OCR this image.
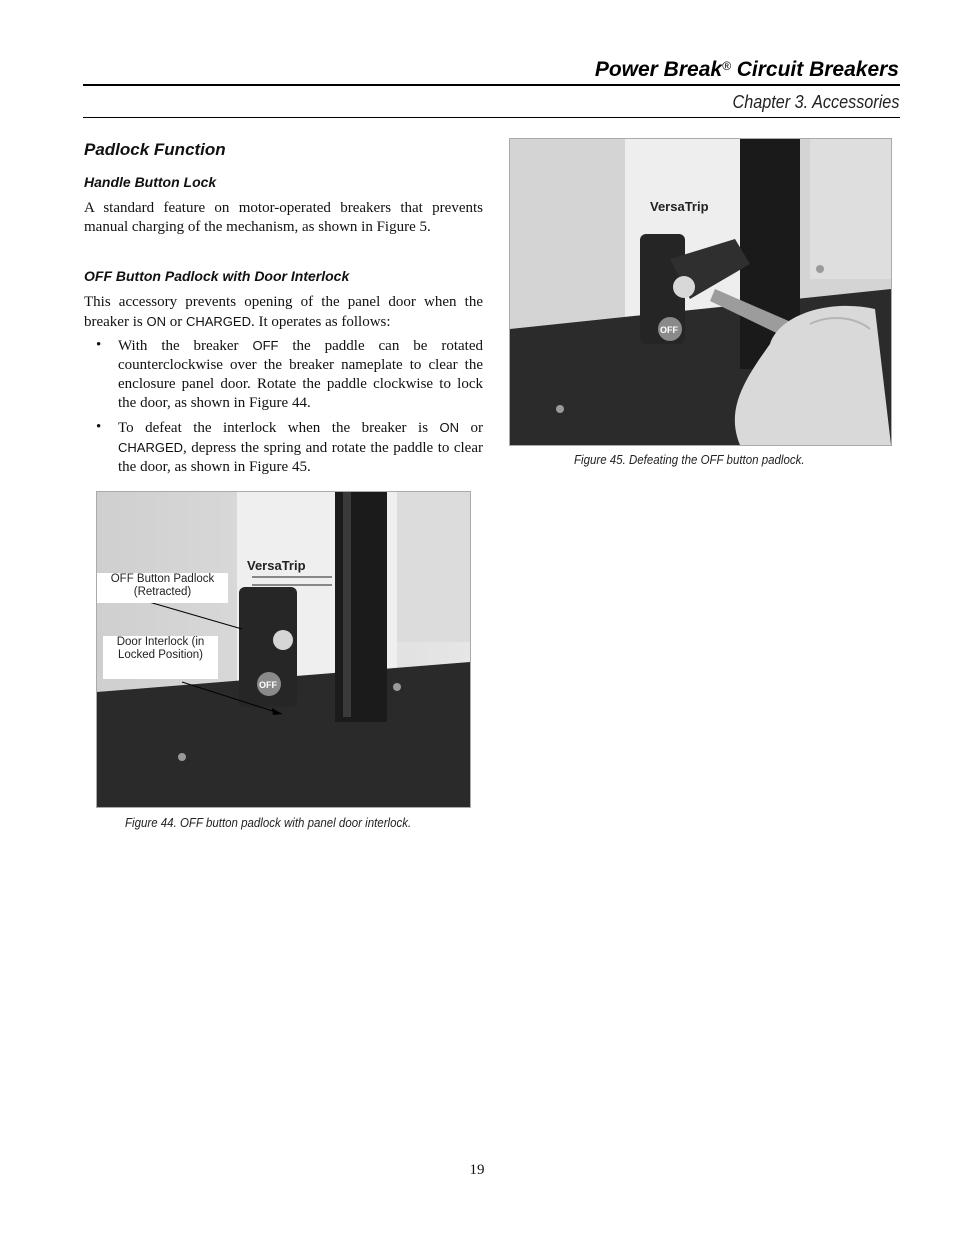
Power Break® Circuit Breakers
Chapter 3. Accessories
Padlock Function
Handle Button Lock
A standard feature on motor-operated breakers that prevents manual charging of the mechanism, as shown in Figure 5.
OFF Button Padlock with Door Interlock
This accessory prevents opening of the panel door when the breaker is ON or CHARGED. It operates as follows:
• With the breaker OFF the paddle can be rotated counterclockwise over the breaker nameplate to clear the enclosure panel door. Rotate the paddle clockwise to lock the door, as shown in Figure 44.
• To defeat the interlock when the breaker is ON or CHARGED, depress the spring and rotate the paddle to clear the door, as shown in Figure 45.
OFF
VersaTrip
OFF Button Padlock (Retracted)
Door Interlock (in Locked Position)
Figure 44. OFF button padlock with panel door interlock.
OFF
VersaTrip
Figure 45. Defeating the OFF button padlock.
19
